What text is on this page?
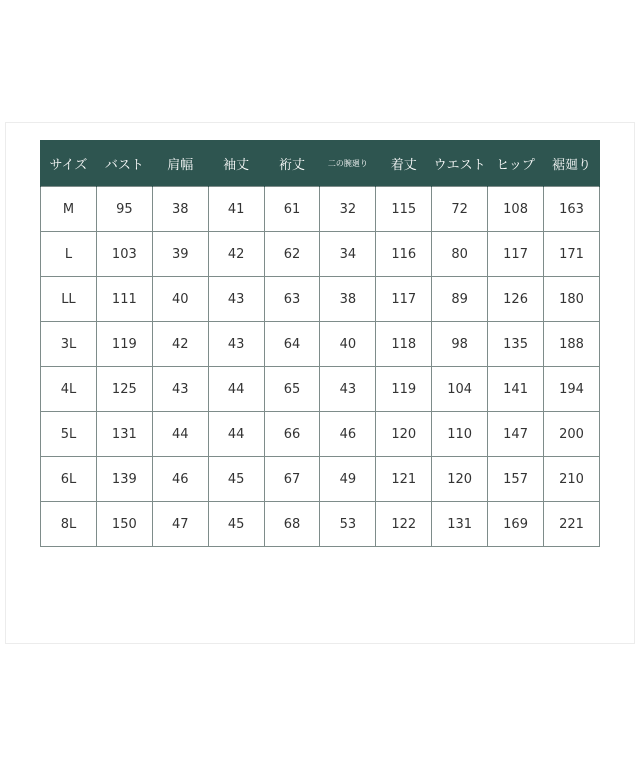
サイズ	バスト	肩幅	袖丈	裄丈	二の腕廻り	着丈	ウエスト	ヒップ	裾廻り
M	95	38	41	61	32	115	72	108	163
L	103	39	42	62	34	116	80	117	171
LL	111	40	43	63	38	117	89	126	180
3L	119	42	43	64	40	118	98	135	188
4L	125	43	44	65	43	119	104	141	194
5L	131	44	44	66	46	120	110	147	200
6L	139	46	45	67	49	121	120	157	210
8L	150	47	45	68	53	122	131	169	221
